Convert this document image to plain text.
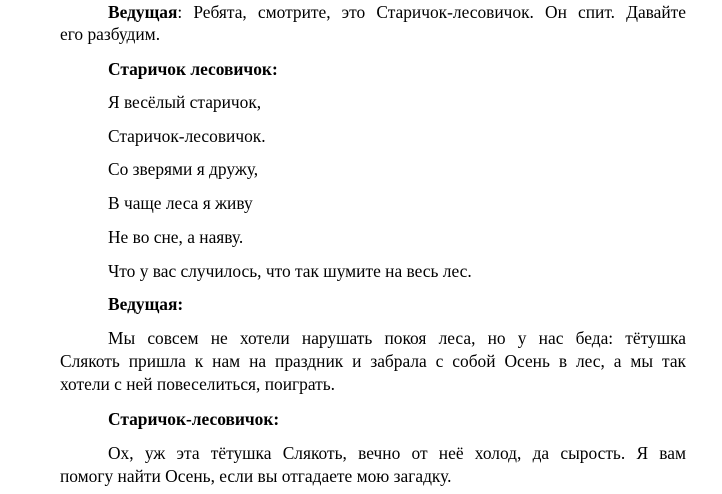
Ведущая: Ребята, смотрите, это Старичок-лесовичок. Он спит. Давайте
его разбудим.
Старичок лесовичок:
Я весёлый старичок,
Старичок-лесовичок.
Со зверями я дружу,
В чаще леса я живу
Не во сне, а наяву.
Что у вас случилось, что так шумите на весь лес.
Ведущая:
Мы совсем не хотели нарушать покоя леса, но у нас беда: тётушка
Слякоть пришла к нам на праздник и забрала с собой Осень в лес, а мы так
хотели с ней повеселиться, поиграть.
Старичок-лесовичок:
Ох, уж эта тётушка Слякоть, вечно от неё холод, да сырость. Я вам
помогу найти Осень, если вы отгадаете мою загадку.
